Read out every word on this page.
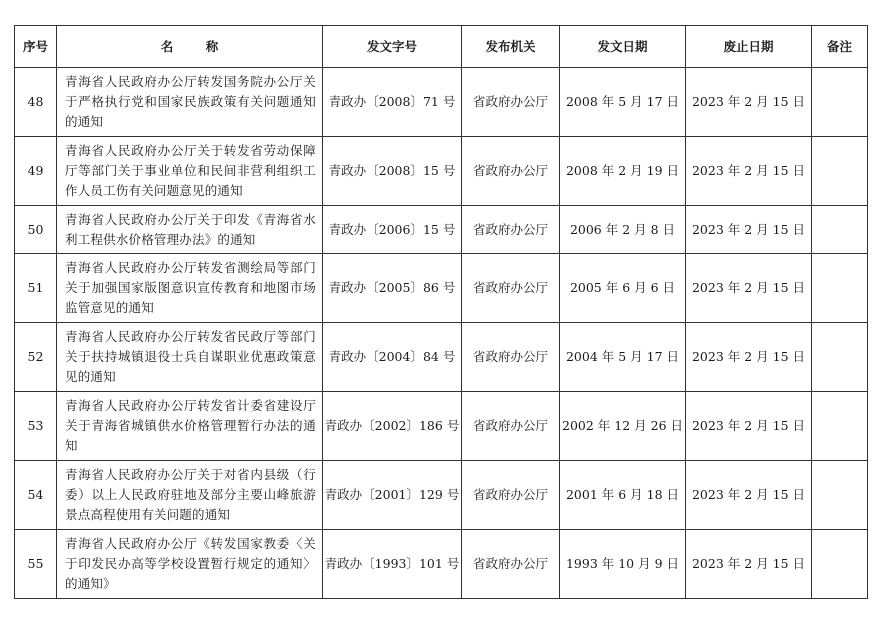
序号	名 称	发文字号	发布机关	发文日期	废止日期	备注
48	青海省人民政府办公厅转发国务院办公厅关于严格执行党和国家民族政策有关问题通知的通知	青政办〔2008〕71 号	省政府办公厅	2008 年 5 月 17 日	2023 年 2 月 15 日	
49	青海省人民政府办公厅关于转发省劳动保障厅等部门关于事业单位和民间非营利组织工作人员工伤有关问题意见的通知	青政办〔2008〕15 号	省政府办公厅	2008 年 2 月 19 日	2023 年 2 月 15 日	
50	青海省人民政府办公厅关于印发《青海省水利工程供水价格管理办法》的通知	青政办〔2006〕15 号	省政府办公厅	2006 年 2 月 8 日	2023 年 2 月 15 日	
51	青海省人民政府办公厅转发省测绘局等部门关于加强国家版图意识宣传教育和地图市场监管意见的通知	青政办〔2005〕86 号	省政府办公厅	2005 年 6 月 6 日	2023 年 2 月 15 日	
52	青海省人民政府办公厅转发省民政厅等部门关于扶持城镇退役士兵自谋职业优惠政策意见的通知	青政办〔2004〕84 号	省政府办公厅	2004 年 5 月 17 日	2023 年 2 月 15 日	
53	青海省人民政府办公厅转发省计委省建设厅关于青海省城镇供水价格管理暂行办法的通知	青政办〔2002〕186 号	省政府办公厅	2002 年 12 月 26 日	2023 年 2 月 15 日	
54	青海省人民政府办公厅关于对省内县级（行委）以上人民政府驻地及部分主要山峰旅游景点高程使用有关问题的通知	青政办〔2001〕129 号	省政府办公厅	2001 年 6 月 18 日	2023 年 2 月 15 日	
55	青海省人民政府办公厅《转发国家教委〈关于印发民办高等学校设置暂行规定的通知〉的通知》	青政办〔1993〕101 号	省政府办公厅	1993 年 10 月 9 日	2023 年 2 月 15 日	
